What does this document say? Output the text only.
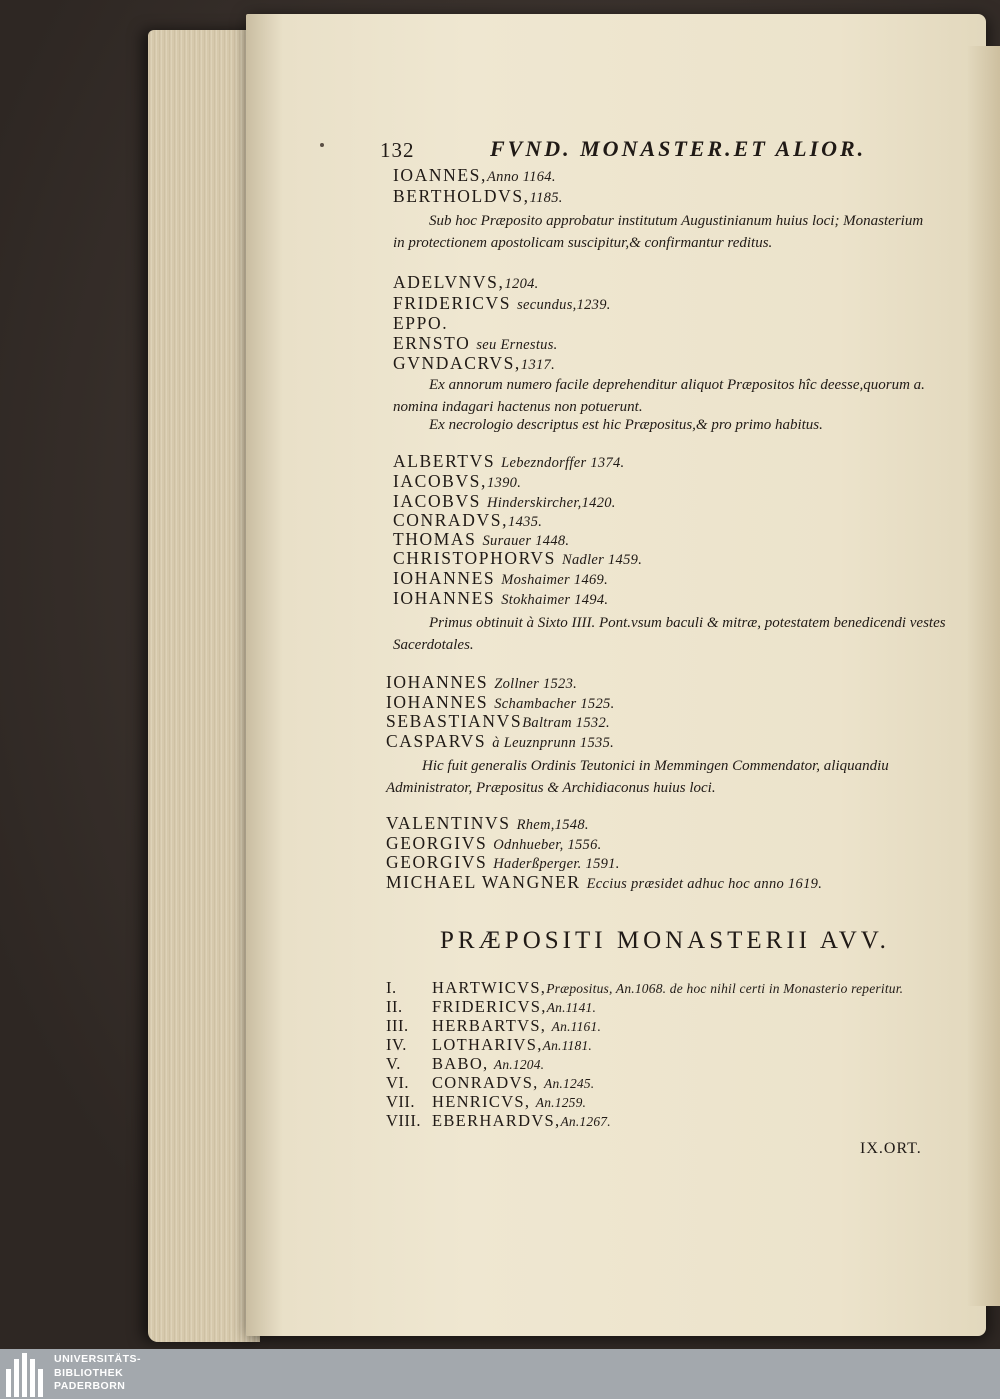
132	FVND. MONASTER.ET ALIOR.
IOANNES,Anno 1164.
BERTHOLDVS,1185.
Sub hoc Præposito approbatur institutum Augustinianum huius loci; Monasterium in protectionem apostolicam suscipitur,& confirmantur reditus.
ADELVNVS,1204.
FRIDERICVS secundus,1239.
EPPO.
ERNSTO seu Ernestus.
GVNDACRVS,1317.
Ex annorum numero facile deprehenditur aliquot Præpositos hîc deesse,quorum a. nomina indagari hactenus non potuerunt.
Ex necrologio descriptus est hic Præpositus,& pro primo habitus.
ALBERTVS Lebezndorffer 1374.
IACOBVS,1390.
IACOBVS Hinderskircher,1420.
CONRADVS,1435.
THOMAS Surauer 1448.
CHRISTOPHORVS Nadler 1459.
IOHANNES Moshaimer 1469.
IOHANNES Stokhaimer 1494.
Primus obtinuit à Sixto IIII. Pont.vsum baculi & mitræ, potestatem benedicendi vestes Sacerdotales.
IOHANNES Zollner 1523.
IOHANNES Schambacher 1525.
SEBASTIANVSBaltram 1532.
CASPARVS à Leuznprunn 1535.
Hic fuit generalis Ordinis Teutonici in Memmingen Commendator, aliquandiu Administrator, Præpositus & Archidiaconus huius loci.
VALENTINVS Rhem,1548.
GEORGIVS Odnhueber, 1556.
GEORGIVS Haderßperger. 1591.
MICHAEL WANGNER Eccius præsidet adhuc hoc anno 1619.
PRÆPOSITI MONASTERII AVV.
I. HARTWICVS,Præpositus, An.1068. de hoc nihil certi in Monasterio reperitur.
II. FRIDERICVS,An.1141.
III. HERBARTVS, An.1161.
IV. LOTHARIVS,An.1181.
V. BABO, An.1204.
VI. CONRADVS, An.1245.
VII. HENRICVS, An.1259.
VIII. EBERHARDVS,An.1267.
IX.ORT.
UNIVERSITÄTS-
BIBLIOTHEK
PADERBORN
